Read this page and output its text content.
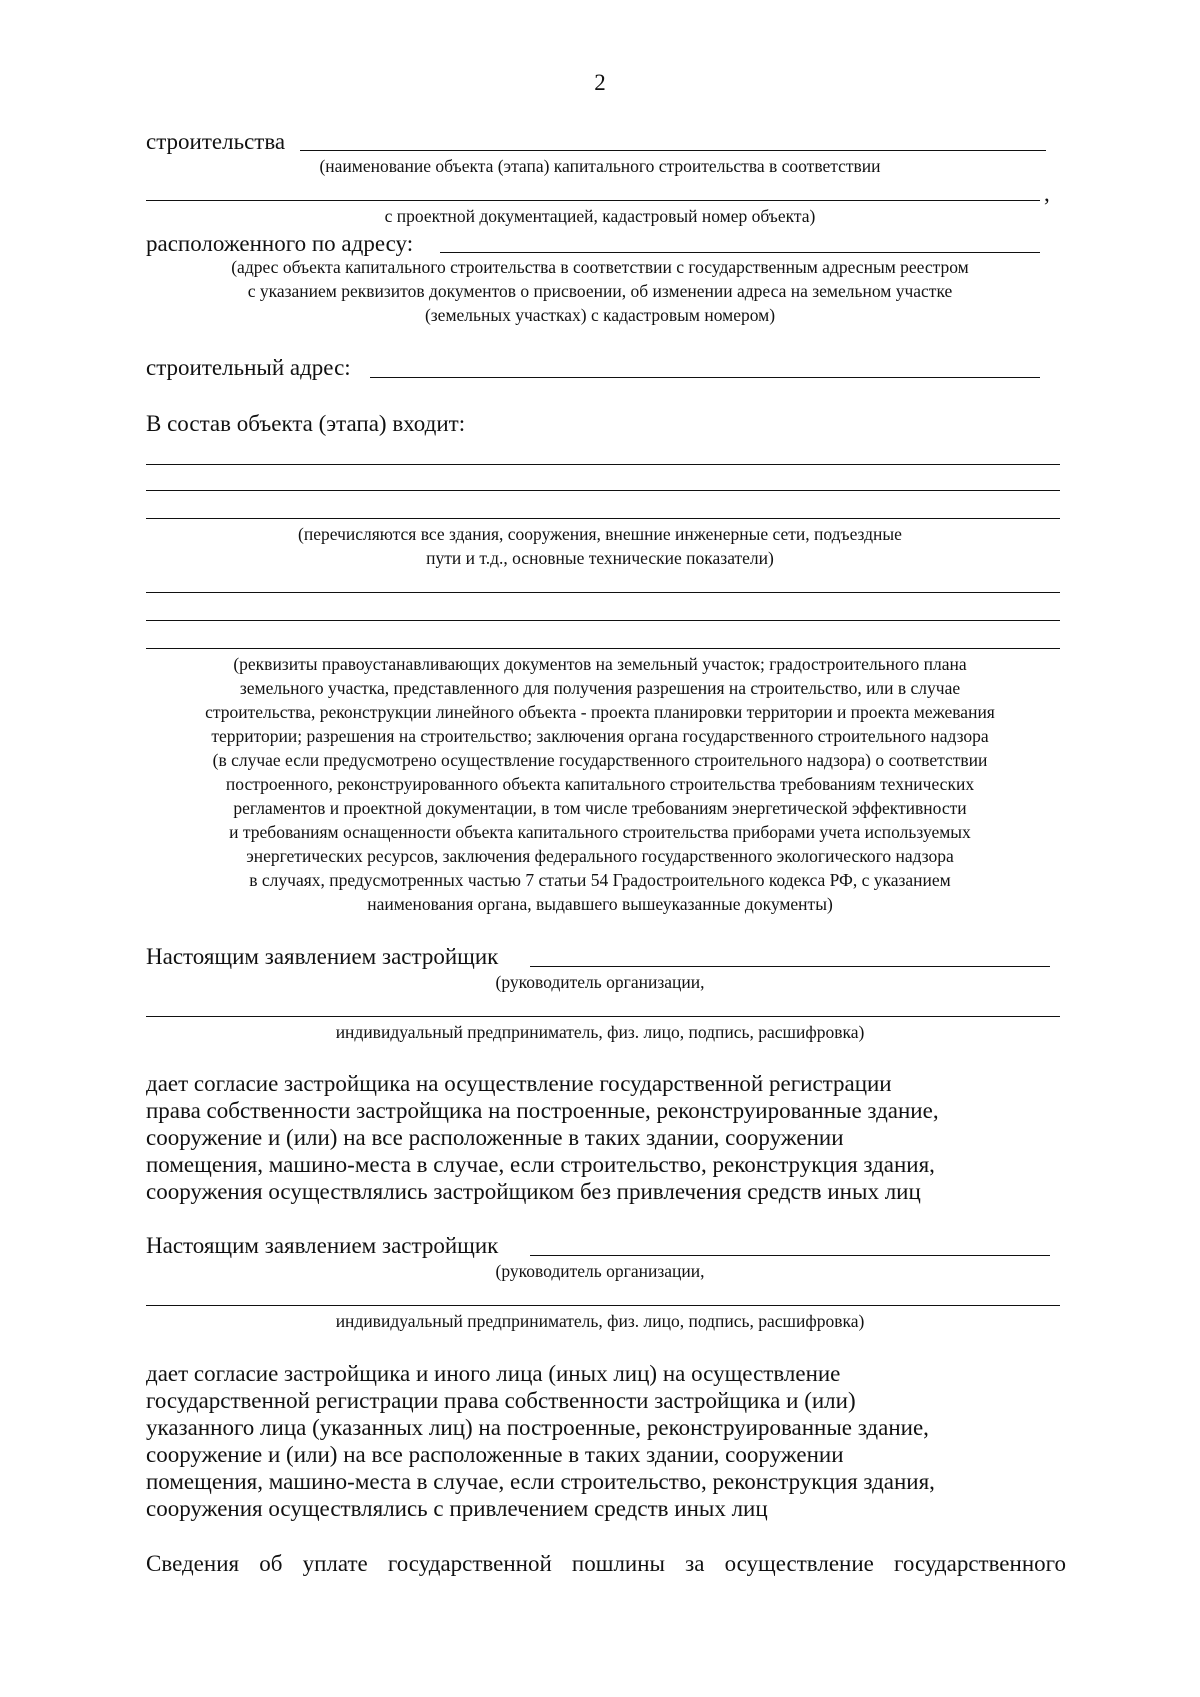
2
строительства
(наименование объекта (этапа) капитального строительства в соответствии
,
с проектной документацией, кадастровый номер объекта)
расположенного по адресу:
(адрес объекта капитального строительства в соответствии с государственным адресным реестром
с указанием реквизитов документов о присвоении, об изменении адреса на земельном участке
(земельных участках) с кадастровым номером)
строительный адрес:
В состав объекта (этапа) входит:
(перечисляются все здания, сооружения, внешние инженерные сети, подъездные
пути и т.д., основные технические показатели)
(реквизиты правоустанавливающих документов на земельный участок; градостроительного плана
земельного участка, представленного для получения разрешения на строительство, или в случае
строительства, реконструкции линейного объекта - проекта планировки территории и проекта межевания
территории; разрешения на строительство; заключения органа государственного строительного надзора
(в случае если предусмотрено осуществление государственного строительного надзора) о соответствии
построенного, реконструированного объекта капитального строительства требованиям технических
регламентов и проектной документации, в том числе требованиям энергетической эффективности
и требованиям оснащенности объекта капитального строительства приборами учета используемых
энергетических ресурсов, заключения федерального государственного экологического надзора
в случаях, предусмотренных частью 7 статьи 54 Градостроительного кодекса РФ, с указанием
наименования органа, выдавшего вышеуказанные документы)
Настоящим заявлением застройщик
(руководитель организации,
индивидуальный предприниматель, физ. лицо, подпись, расшифровка)
дает согласие застройщика на осуществление государственной регистрации
права собственности застройщика на построенные, реконструированные здание,
сооружение и (или) на все расположенные в таких здании, сооружении
помещения, машино-места в случае, если строительство, реконструкция здания,
сооружения осуществлялись застройщиком без привлечения средств иных лиц
Настоящим заявлением застройщик
(руководитель организации,
индивидуальный предприниматель, физ. лицо, подпись, расшифровка)
дает согласие застройщика и иного лица (иных лиц) на осуществление
государственной регистрации права собственности застройщика и (или)
указанного лица (указанных лиц) на построенные, реконструированные здание,
сооружение и (или) на все расположенные в таких здании, сооружении
помещения, машино-места в случае, если строительство, реконструкция здания,
сооружения осуществлялись с привлечением средств иных лиц
Сведения об уплате государственной пошлины за осуществление государственного
